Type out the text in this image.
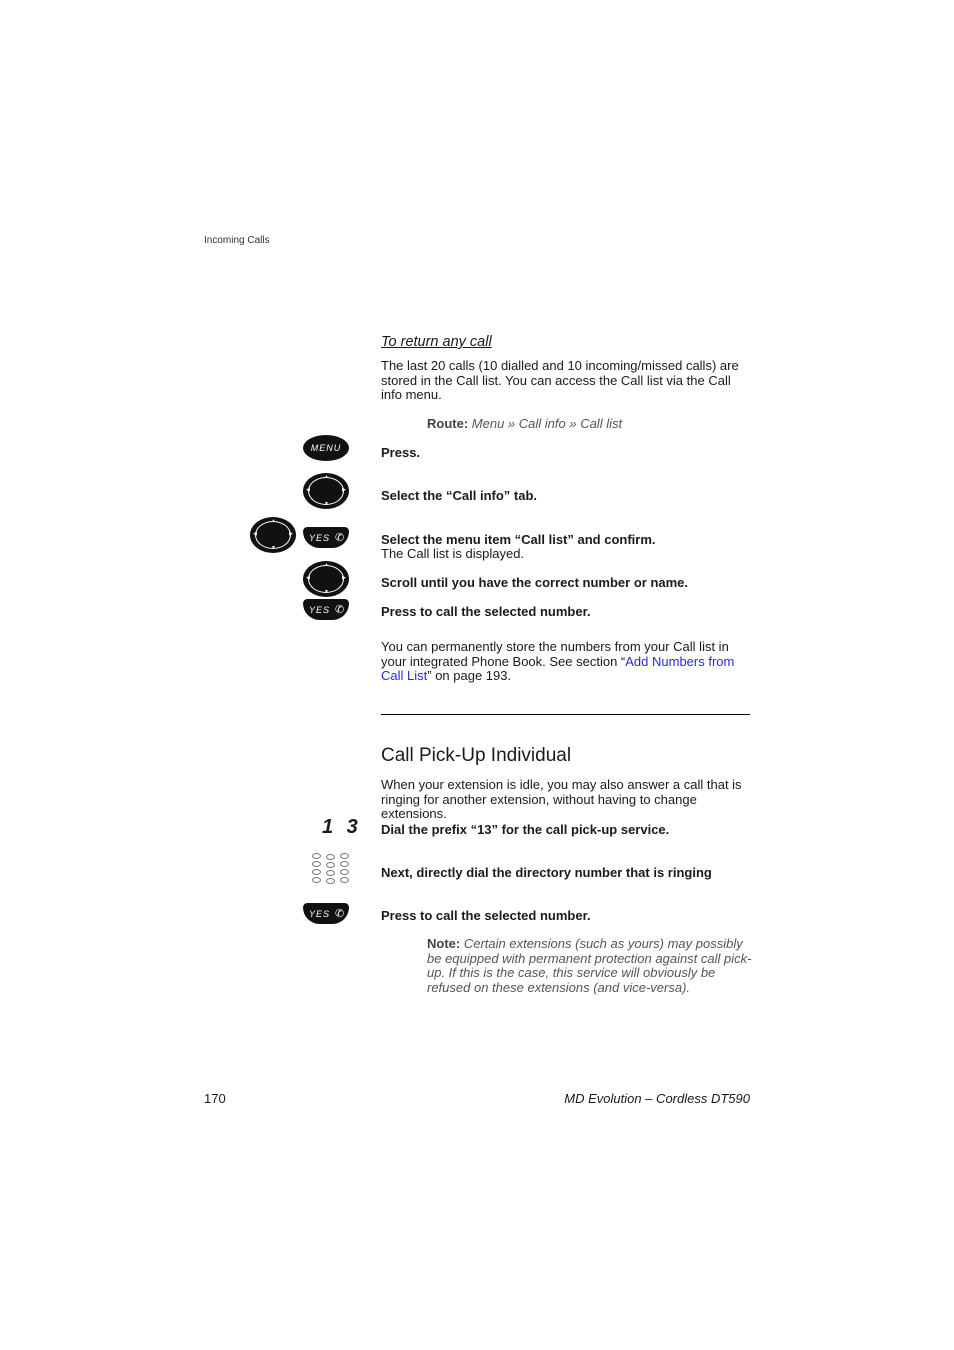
Incoming Calls
To return any call
The last 20 calls (10 dialled and 10 incoming/missed calls) are stored in the Call list. You can access the Call list via the Call info menu.
Route: Menu » Call info » Call list
MENU
▲
▼
◀	▶
▲
▼
◀	▶ YES ✆
▲
▼
◀	▶
YES ✆
Press.
Select the “Call info” tab.
Select the menu item “Call list” and confirm.
The Call list is displayed.
Scroll until you have the correct number or name.
Press to call the selected number.
You can permanently store the numbers from your Call list in your integrated Phone Book. See section “Add Numbers from Call List” on page 193.
Call Pick-Up Individual
When your extension is idle, you may also answer a call that is ringing for another extension, without having to change extensions.
1 3 Dial the prefix “13” for the call pick-up service.
Next, directly dial the directory number that is ringing
YES ✆	Press to call the selected number.
Note: Certain extensions (such as yours) may possibly be equipped with permanent protection against call pick-up. If this is the case, this service will obviously be refused on these extensions (and vice-versa).
170	MD Evolution – Cordless DT590
